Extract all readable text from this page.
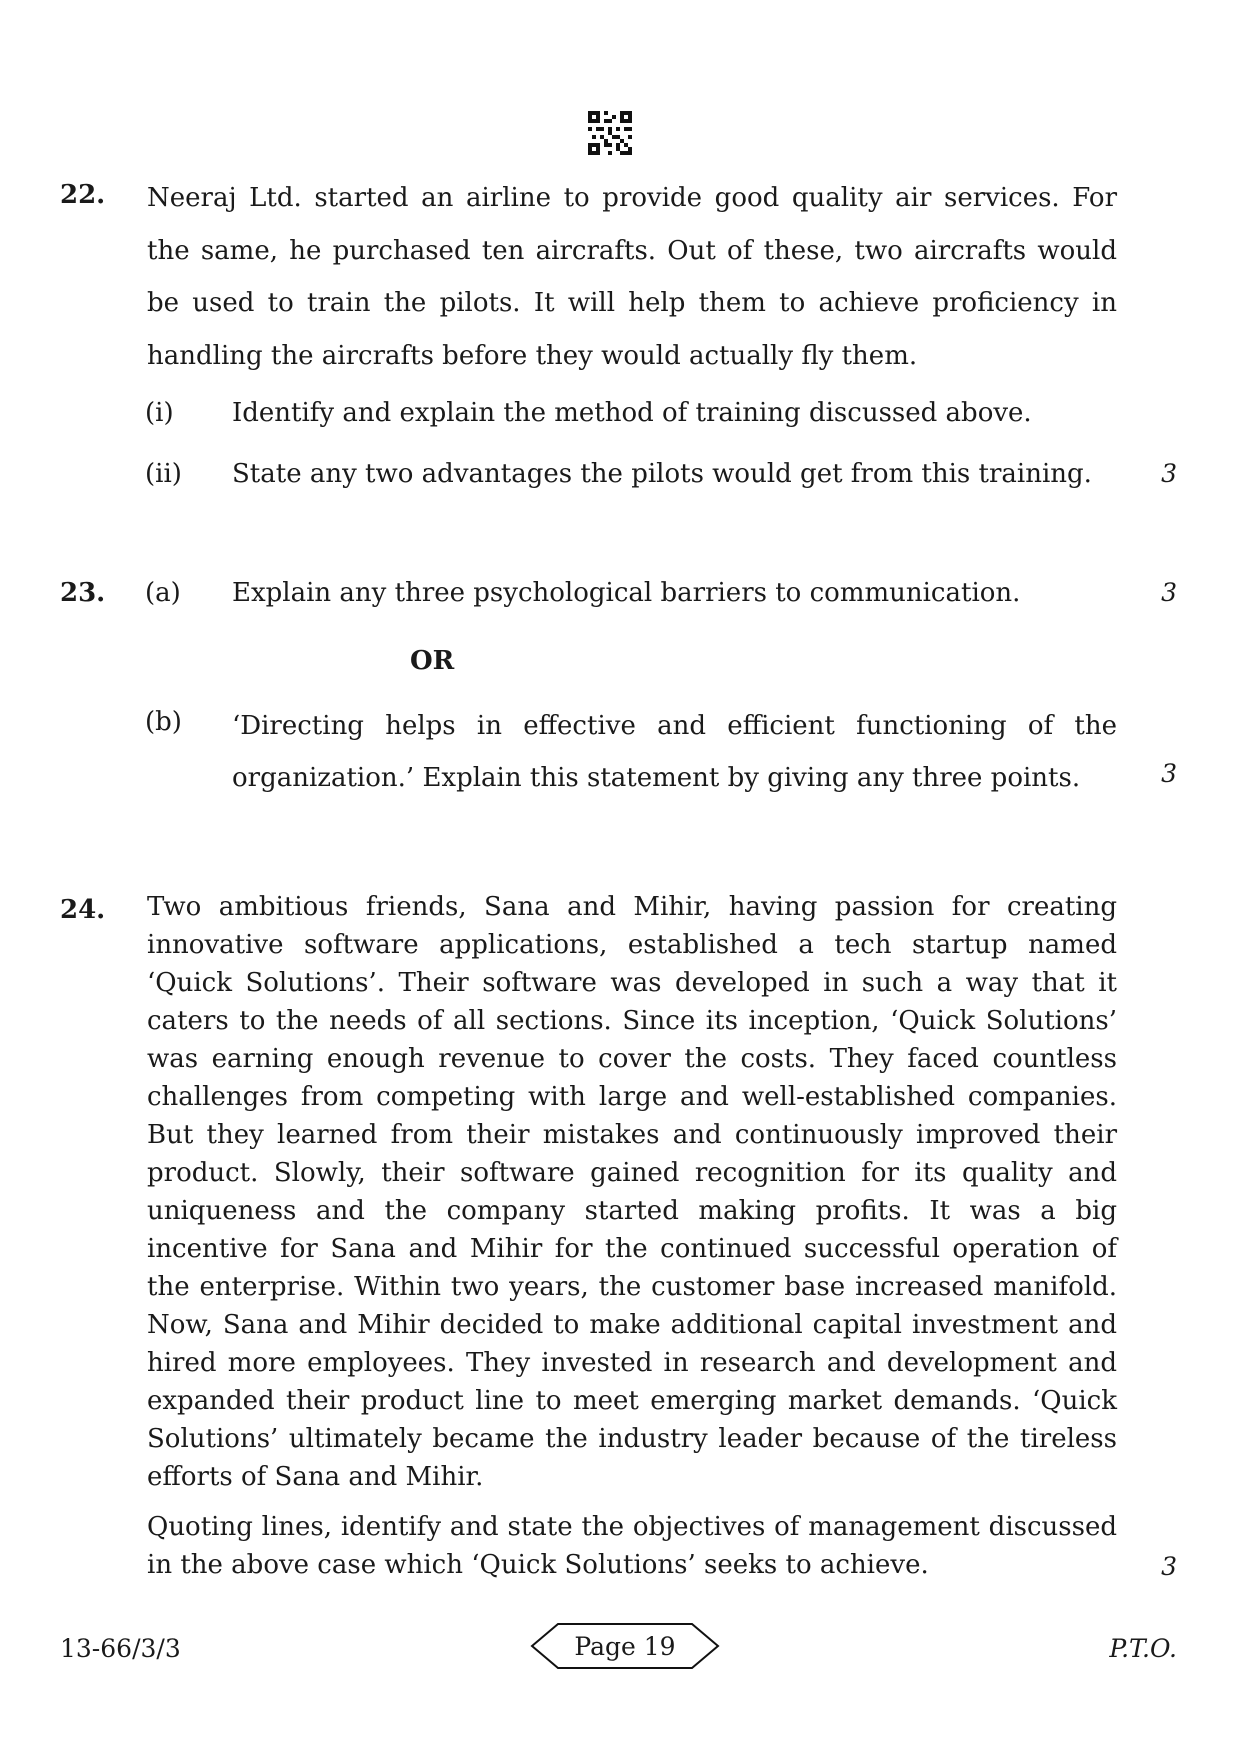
22. Neeraj Ltd. started an airline to provide good quality air services. For the same, he purchased ten aircrafts. Out of these, two aircrafts would be used to train the pilots. It will help them to achieve proficiency in handling the aircrafts before they would actually fly them.
(i) Identify and explain the method of training discussed above.
(ii) State any two advantages the pilots would get from this training.	3
23. (a) Explain any three psychological barriers to communication.	3
OR
(b) ‘Directing helps in effective and efficient functioning of the organization.’ Explain this statement by giving any three points.	3
24. Two ambitious friends, Sana and Mihir, having passion for creating innovative software applications, established a tech startup named ‘Quick Solutions’. Their software was developed in such a way that it caters to the needs of all sections. Since its inception, ‘Quick Solutions’ was earning enough revenue to cover the costs. They faced countless challenges from competing with large and well-established companies. But they learned from their mistakes and continuously improved their product. Slowly, their software gained recognition for its quality and uniqueness and the company started making profits. It was a big incentive for Sana and Mihir for the continued successful operation of the enterprise. Within two years, the customer base increased manifold. Now, Sana and Mihir decided to make additional capital investment and hired more employees. They invested in research and development and expanded their product line to meet emerging market demands. ‘Quick Solutions’ ultimately became the industry leader because of the tireless efforts of Sana and Mihir.
Quoting lines, identify and state the objectives of management discussed in the above case which ‘Quick Solutions’ seeks to achieve.	3
13-66/3/3	Page 19	P.T.O.
